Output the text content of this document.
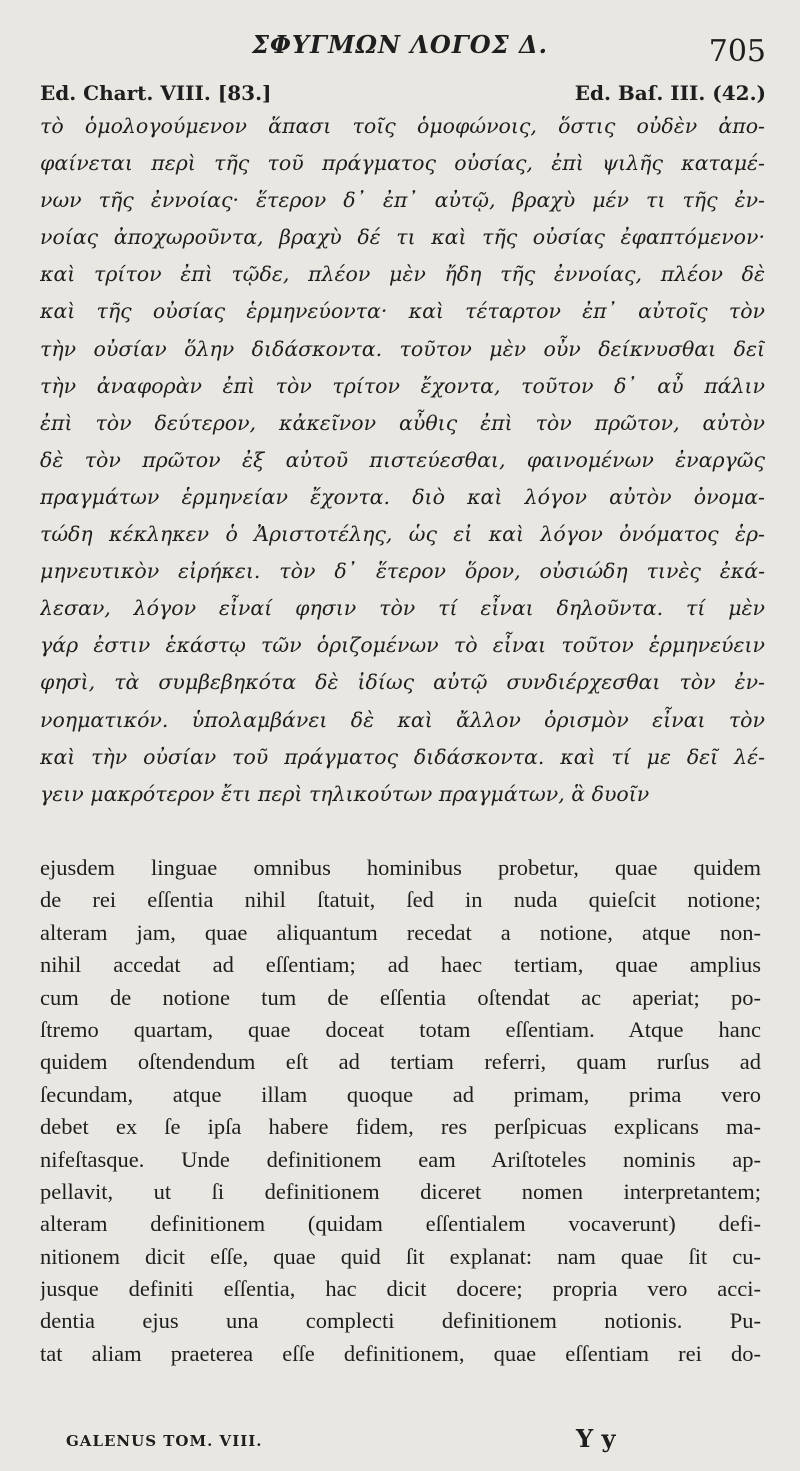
ΣΦΥΓΜΩΝ ΛΟΓΟΣ Δ.	705
Ed. Chart. VIII. [83.]	Ed. Baſ. III. (42.)
τὸ ὁμολογούμενον ἅπασι τοῖς ὁμοφώνοις, ὅστις οὐδὲν ἀπο-
φαίνεται περὶ τῆς τοῦ πράγματος οὐσίας, ἐπὶ ψιλῆς καταμέ-
νων τῆς ἐννοίας· ἕτερον δ᾽ ἐπ᾽ αὐτῷ, βραχὺ μέν τι τῆς ἐν-
νοίας ἀποχωροῦντα, βραχὺ δέ τι καὶ τῆς οὐσίας ἐφαπτόμενον·
καὶ τρίτον ἐπὶ τῷδε, πλέον μὲν ἤδη τῆς ἐννοίας, πλέον δὲ
καὶ τῆς οὐσίας ἑρμηνεύοντα· καὶ τέταρτον ἐπ᾽ αὐτοῖς τὸν
τὴν οὐσίαν ὅλην διδάσκοντα. τοῦτον μὲν οὖν δείκνυσθαι δεῖ
τὴν ἀναφορὰν ἐπὶ τὸν τρίτον ἔχοντα, τοῦτον δ᾽ αὖ πάλιν
ἐπὶ τὸν δεύτερον, κἀκεῖνον αὖθις ἐπὶ τὸν πρῶτον, αὐτὸν
δὲ τὸν πρῶτον ἐξ αὐτοῦ πιστεύεσθαι, φαινομένων ἐναργῶς
πραγμάτων ἑρμηνείαν ἔχοντα. διὸ καὶ λόγον αὐτὸν ὀνομα-
τώδη κέκληκεν ὁ Ἀριστοτέλης, ὡς εἰ καὶ λόγον ὀνόματος ἑρ-
μηνευτικὸν εἰρήκει. τὸν δ᾽ ἕτερον ὅρον, οὐσιώδη τινὲς ἐκά-
λεσαν, λόγον εἶναί φησιν τὸν τί εἶναι δηλοῦντα. τί μὲν
γάρ ἐστιν ἑκάστῳ τῶν ὁριζομένων τὸ εἶναι τοῦτον ἑρμηνεύειν
φησὶ, τὰ συμβεβηκότα δὲ ἰδίως αὐτῷ συνδιέρχεσθαι τὸν ἐν-
νοηματικόν. ὑπολαμβάνει δὲ καὶ ἄλλον ὁρισμὸν εἶναι τὸν
καὶ τὴν οὐσίαν τοῦ πράγματος διδάσκοντα. καὶ τί με δεῖ λέ-
γειν μακρότερον ἔτι περὶ τηλικούτων πραγμάτων, ἃ δυοῖν
ejusdem linguae omnibus hominibus probetur, quae quidem
de rei eſſentia nihil ſtatuit, ſed in nuda quieſcit notione;
alteram jam, quae aliquantum recedat a notione, atque non-
nihil accedat ad eſſentiam; ad haec tertiam, quae amplius
cum de notione tum de eſſentia oſtendat ac aperiat; po-
ſtremo quartam, quae doceat totam eſſentiam. Atque hanc
quidem oſtendendum eſt ad tertiam referri, quam rurſus ad
ſecundam, atque illam quoque ad primam, prima vero
debet ex ſe ipſa habere fidem, res perſpicuas explicans ma-
nifeſtasque. Unde definitionem eam Ariſtoteles nominis ap-
pellavit, ut ſi definitionem diceret nomen interpretantem;
alteram definitionem (quidam eſſentialem vocaverunt) defi-
nitionem dicit eſſe, quae quid ſit explanat: nam quae ſit cu-
jusque definiti eſſentia, hac dicit docere; propria vero acci-
dentia ejus una complecti definitionem notionis. Pu-
tat aliam praeterea eſſe definitionem, quae eſſentiam rei do-
GALENUS TOM. VIII.	Y y
